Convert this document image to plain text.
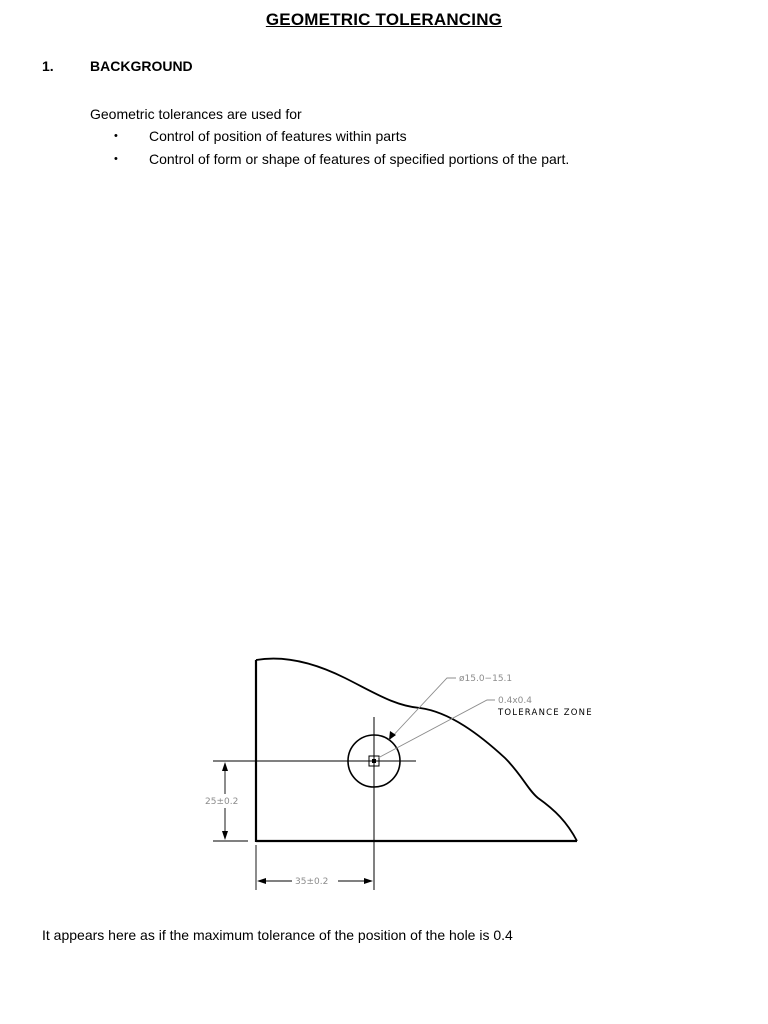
GEOMETRIC TOLERANCING
1.	BACKGROUND
Geometric tolerances are used for
• Control of position of features within parts
• Control of form or shape of features of specified portions of the part.
ø15.0−15.1
0.4x0.4
TOLERANCE ZONE
25±0.2
35±0.2
It appears here as if the maximum tolerance of the position of the hole is 0.4
